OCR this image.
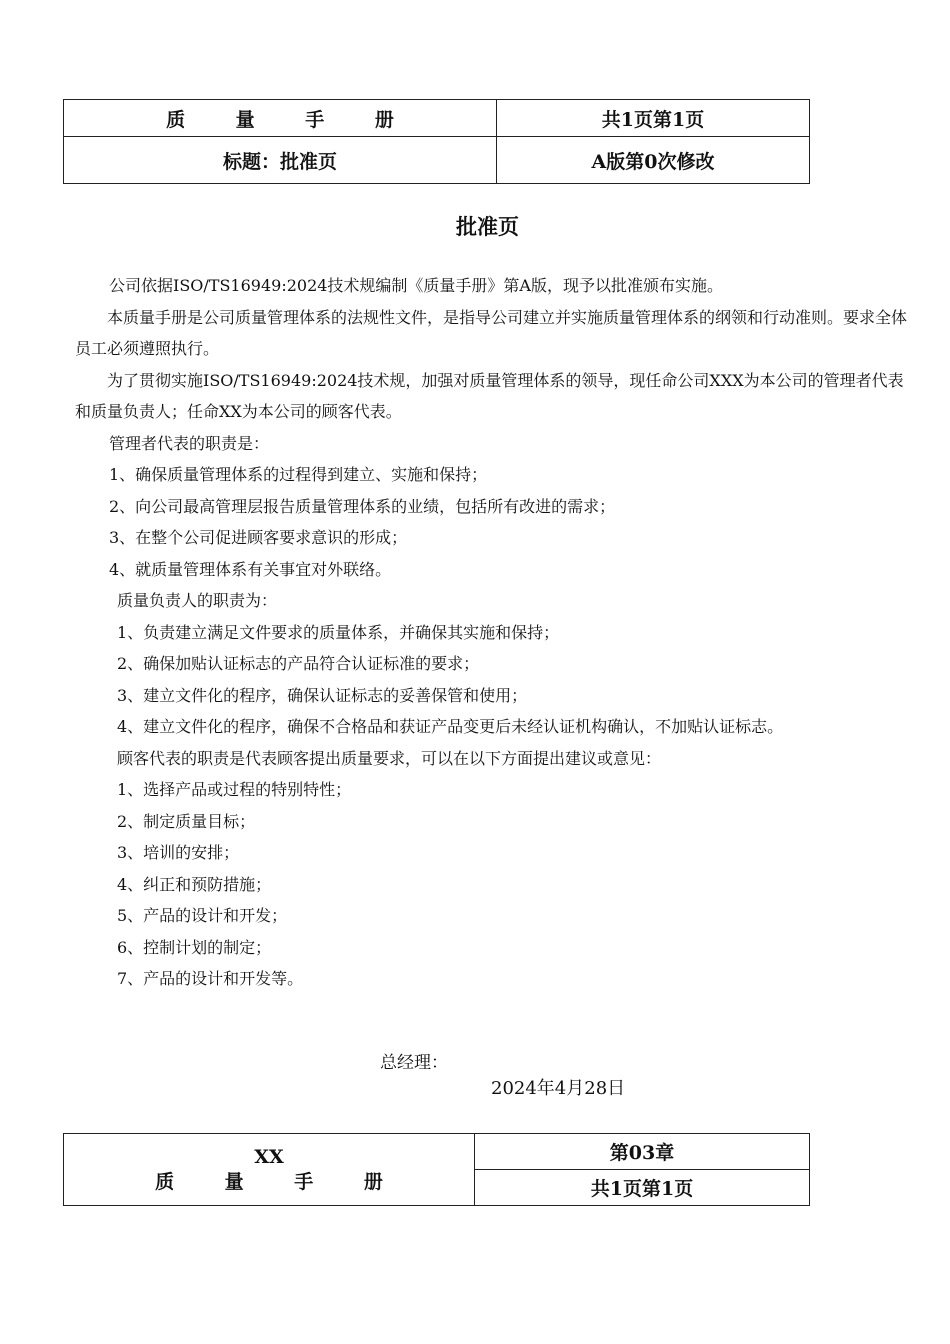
质 量 手 册	共1页第1页
标题：批准页	A版第0次修改
批准页

公司依据ISO/TS16949:2024技术规编制《质量手册》第A版，现予以批准颁布实施。

本质量手册是公司质量管理体系的法规性文件，是指导公司建立并实施质量管理体系的纲领和行动准则。要求全体员工必须遵照执行。

为了贯彻实施ISO/TS16949:2024技术规，加强对质量管理体系的领导，现任命公司XXX为本公司的管理者代表和质量负责人；任命XX为本公司的顾客代表。

管理者代表的职责是：

1、确保质量管理体系的过程得到建立、实施和保持；

2、向公司最高管理层报告质量管理体系的业绩，包括所有改进的需求；

3、在整个公司促进顾客要求意识的形成；

4、就质量管理体系有关事宜对外联络。

质量负责人的职责为：

1、负责建立满足文件要求的质量体系，并确保其实施和保持；

2、确保加贴认证标志的产品符合认证标准的要求；

3、建立文件化的程序，确保认证标志的妥善保管和使用；

4、建立文件化的程序，确保不合格品和获证产品变更后未经认证机构确认，不加贴认证标志。

顾客代表的职责是代表顾客提出质量要求，可以在以下方面提出建议或意见：

1、选择产品或过程的特别特性；

2、制定质量目标；

3、培训的安排；

4、纠正和预防措施；

5、产品的设计和开发；

6、控制计划的制定；

7、产品的设计和开发等。

总经理：
2024年4月28日
XX
质 量 手 册
	第03章
共1页第1页
